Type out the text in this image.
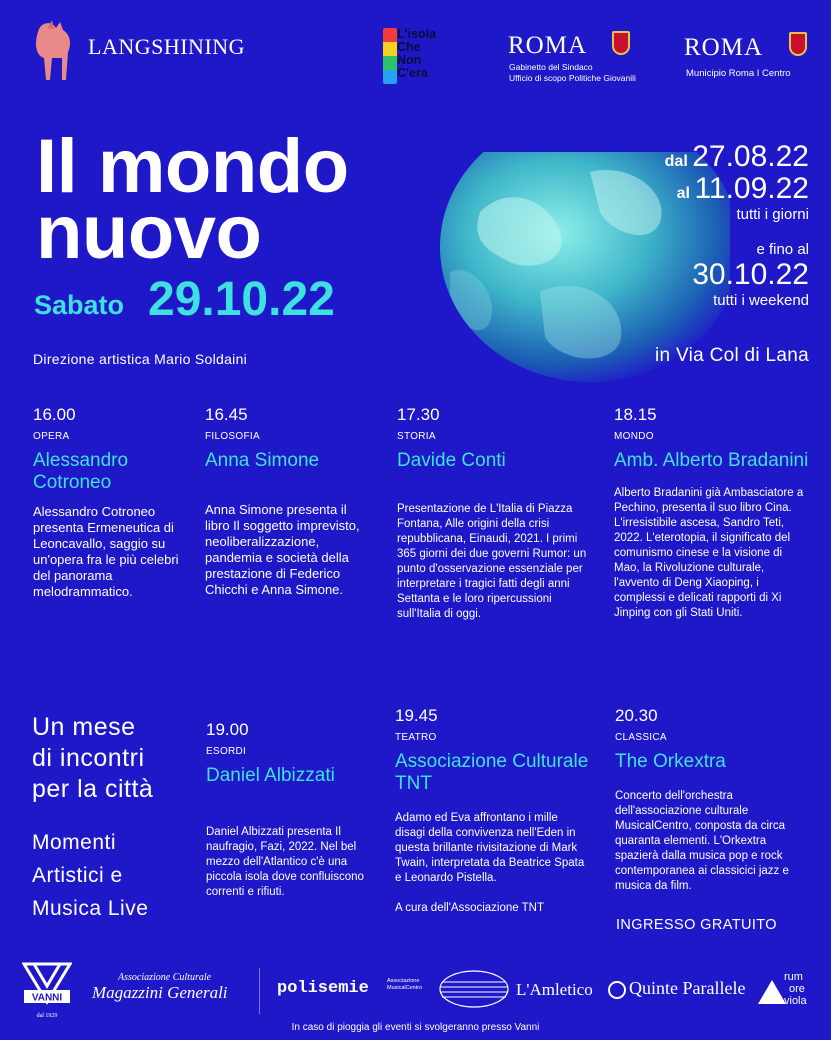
LANGSHINING	L'isola
Che
Non
C'era
ROMA
Gabinetto del Sindaco
Ufficio di scopo Politiche Giovanili
ROMA
Municipio Roma I Centro
Il mondo
nuovo
Sabato 29.10.22
Direzione artistica Mario Soldaini
dal 27.08.22
al 11.09.22
tutti i giorni
e fino al
30.10.22
tutti i weekend
in Via Col di Lana
16.00
OPERA
Alessandro Cotroneo
Alessandro Cotroneo presenta Ermeneutica di Leoncavallo, saggio su un'opera fra le più celebri del panorama melodrammatico.
16.45
FILOSOFIA
Anna Simone
Anna Simone presenta il libro Il soggetto imprevisto, neoliberalizzazione, pandemia e società della prestazione di Federico Chicchi e Anna Simone.
17.30
STORIA
Davide Conti
Presentazione de L'Italia di Piazza Fontana, Alle origini della crisi repubblicana, Einaudi, 2021. I primi 365 giorni dei due governi Rumor: un punto d'osservazione essenziale per interpretare i tragici fatti degli anni Settanta e le loro ripercussioni sull'Italia di oggi.
18.15
MONDO
Amb. Alberto Bradanini
Alberto Bradanini già Ambasciatore a Pechino, presenta il suo libro Cina. L'irresistibile ascesa, Sandro Teti, 2022. L'eterotopia, il significato del comunismo cinese e la visione di Mao, la Rivoluzione culturale, l'avvento di Deng Xiaoping, i complessi e delicati rapporti di Xi Jinping con gli Stati Uniti.
Un mese
di incontri
per la città
Momenti
Artistici e
Musica Live
19.00
ESORDI
Daniel Albizzati
Daniel Albizzati presenta Il naufragio, Fazi, 2022. Nel bel mezzo dell'Atlantico c'è una piccola isola dove confluiscono correnti e rifiuti.
19.45
TEATRO
Associazione Culturale TNT
Adamo ed Eva affrontano i mille disagi della convivenza nell'Eden in questa brillante rivisitazione di Mark Twain, interpretata da Beatrice Spata e Leonardo Pistella.
A cura dell'Associazione TNT
20.30
CLASSICA
The Orkextra
Concerto dell'orchestra dell'associazione culturale MusicalCentro, conposta da circa quaranta elementi. L'Orkextra spazierà dalla musica pop e rock contemporanea ai classicici jazz e musica da film.
INGRESSO GRATUITO
VANNI
dal 1929
Associazione Culturale
Magazzini Generali	polisemie	Associazione
MusicalCentro	L'Amletico Quinte Parallele
rum
ore
viola
In caso di pioggia gli eventi si svolgeranno presso Vanni
